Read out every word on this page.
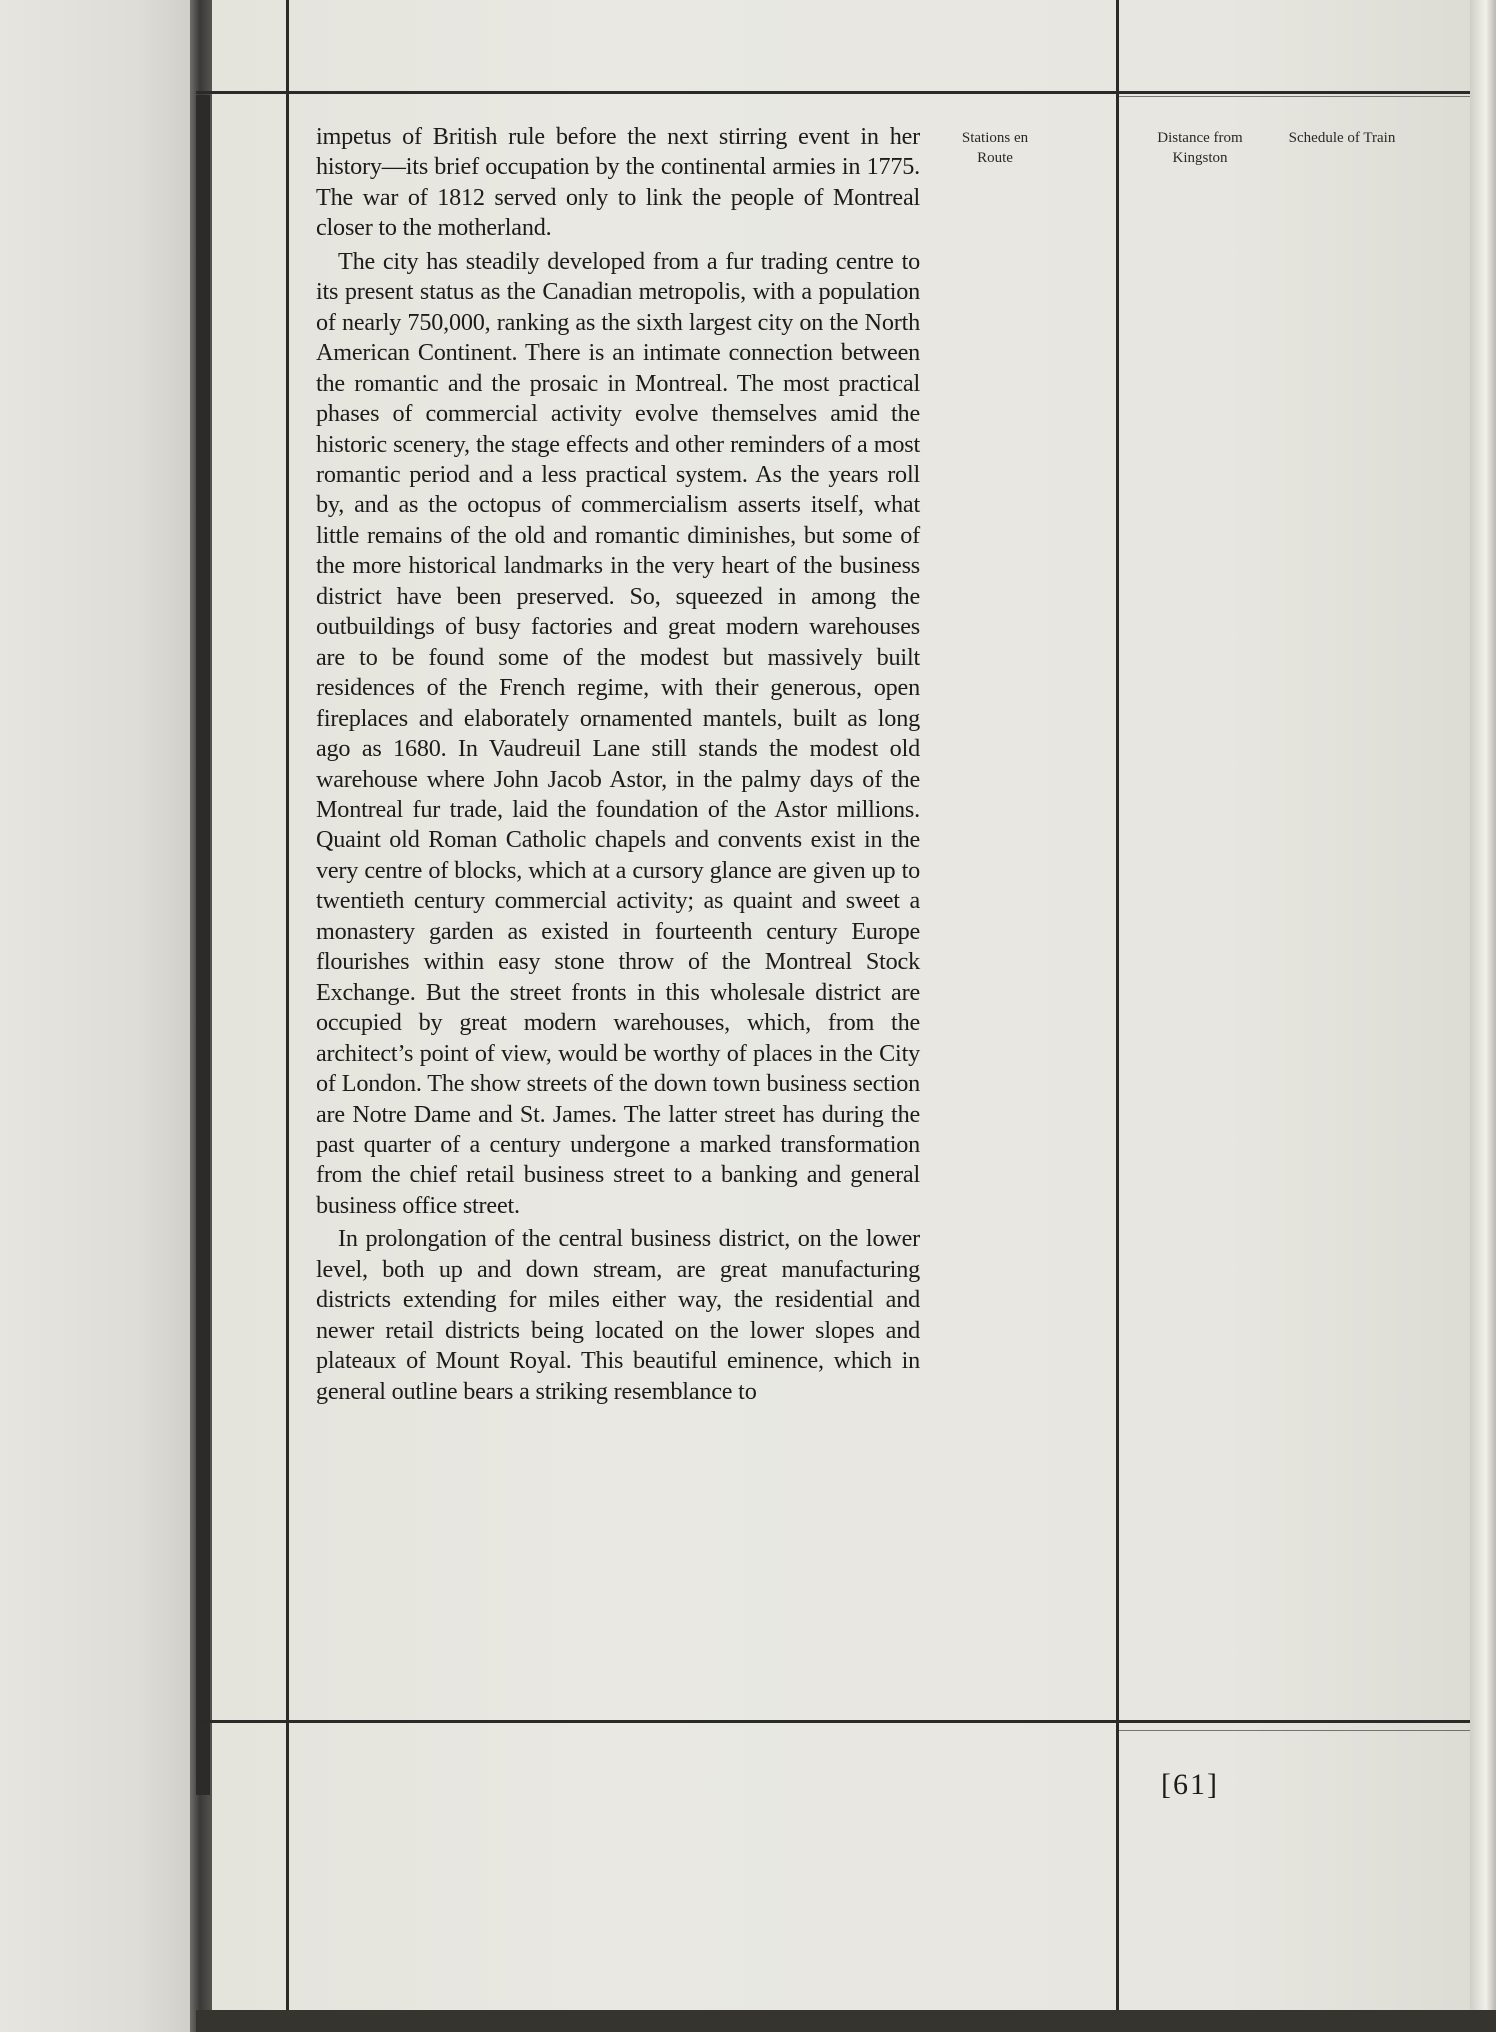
Stations en Route
Distance from Kingston
Schedule of Train

impetus of British rule before the next stirring event in her history—its brief occupation by the continental armies in 1775. The war of 1812 served only to link the people of Montreal closer to the motherland.

The city has steadily developed from a fur trading centre to its present status as the Canadian metropolis, with a population of nearly 750,000, ranking as the sixth largest city on the North American Continent. There is an intimate connection between the romantic and the prosaic in Montreal. The most practical phases of commercial activity evolve themselves amid the historic scenery, the stage effects and other reminders of a most romantic period and a less practical system. As the years roll by, and as the octopus of commercialism asserts itself, what little remains of the old and romantic diminishes, but some of the more historical landmarks in the very heart of the business district have been preserved. So, squeezed in among the outbuildings of busy factories and great modern warehouses are to be found some of the modest but massively built residences of the French regime, with their generous, open fireplaces and elaborately ornamented mantels, built as long ago as 1680. In Vaudreuil Lane still stands the modest old warehouse where John Jacob Astor, in the palmy days of the Montreal fur trade, laid the foundation of the Astor millions. Quaint old Roman Catholic chapels and convents exist in the very centre of blocks, which at a cursory glance are given up to twentieth century commercial activity; as quaint and sweet a monastery garden as existed in fourteenth century Europe flourishes within easy stone throw of the Montreal Stock Exchange. But the street fronts in this wholesale district are occupied by great modern warehouses, which, from the architect’s point of view, would be worthy of places in the City of London. The show streets of the down town business section are Notre Dame and St. James. The latter street has during the past quarter of a century undergone a marked transformation from the chief retail business street to a banking and general business office street.

In prolongation of the central business district, on the lower level, both up and down stream, are great manufacturing districts extending for miles either way, the residential and newer retail districts being located on the lower slopes and plateaux of Mount Royal. This beautiful eminence, which in general outline bears a striking resemblance to

[61]
